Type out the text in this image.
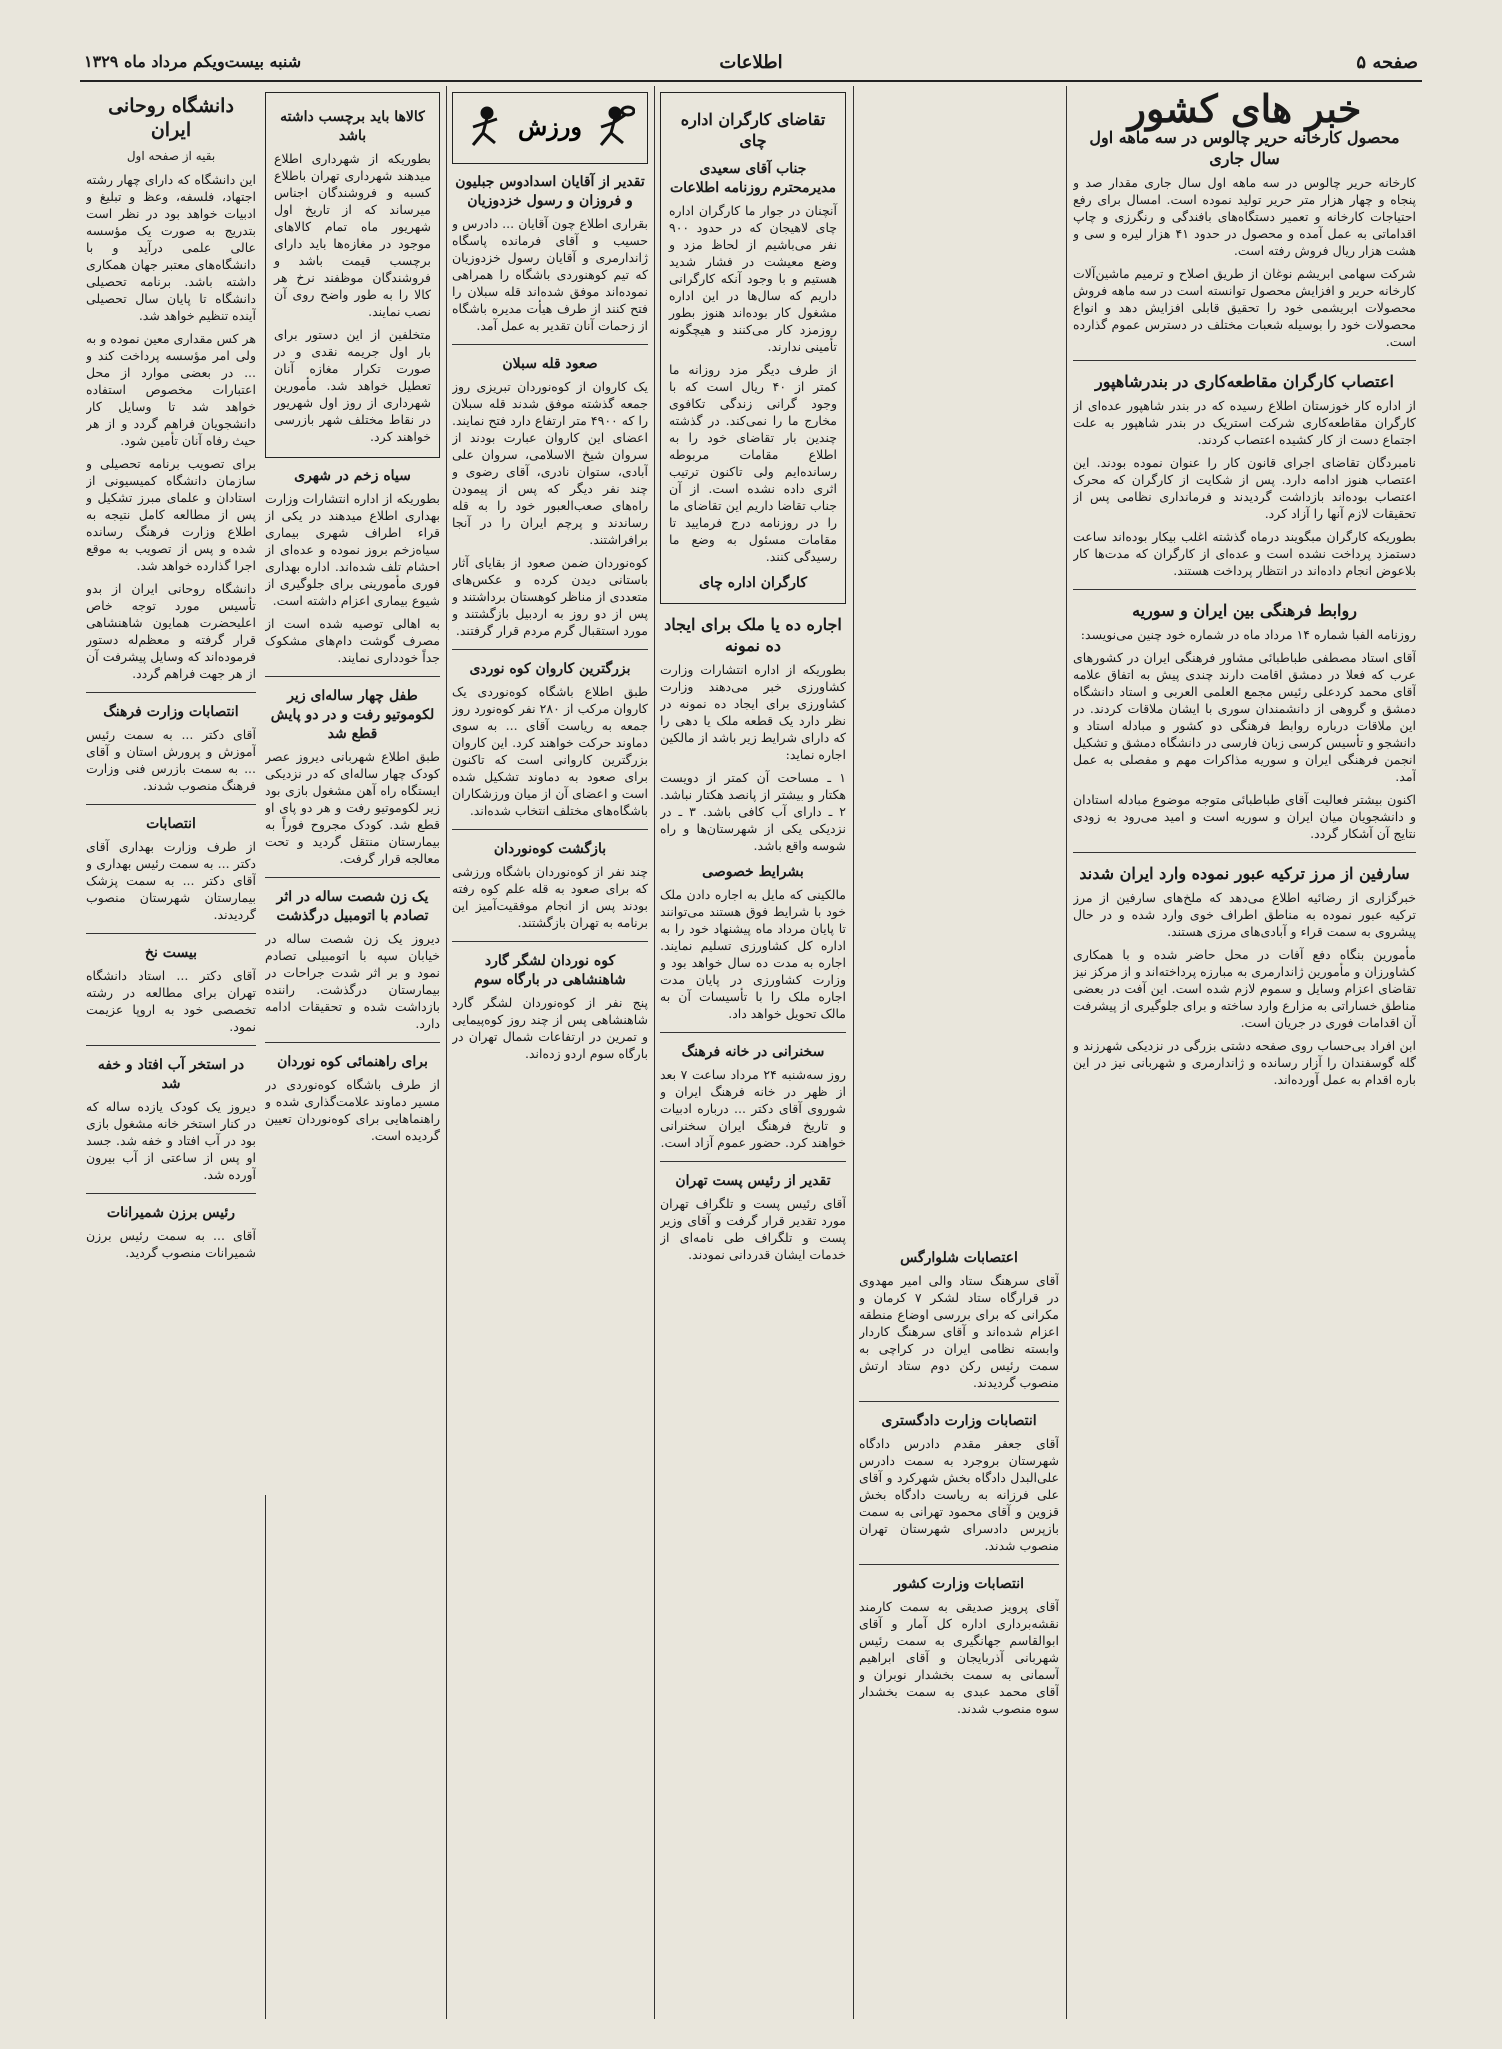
صفحه ۵
اطلاعات
شنبه بیست‌و‌یکم مرداد ماه ۱۳۲۹
خبر های کشور
محصول کارخانه حریر چالوس در سه ماهه اول سال جاری

کارخانه حریر چالوس در سه ماهه اول سال جاری مقدار صد و پنجاه و چهار هزار متر حریر تولید نموده است. امسال برای رفع احتیاجات کارخانه و تعمیر دستگاه‌های بافندگی و رنگرزی و چاپ اقداماتی به عمل آمده و محصول در حدود ۴۱ هزار لیره و سی و هشت هزار ریال فروش رفته است.

شرکت سهامی ابریشم نوغان از طریق اصلاح و ترمیم ماشین‌آلات کارخانه حریر و افزایش محصول توانسته است در سه ماهه فروش محصولات ابریشمی خود را تحقیق قابلی افزایش دهد و انواع محصولات خود را بوسیله شعبات مختلف در دسترس عموم گذارده است.

اعتصاب کارگران مقاطعه‌کاری در بندرشاهپور

از اداره کار خوزستان اطلاع رسیده که در بندر شاهپور عده‌ای از کارگران مقاطعه‌کاری شرکت استریک در بندر شاهپور به علت اجتماع دست از کار کشیده اعتصاب کردند.

نامبردگان تقاضای اجرای قانون کار را عنوان نموده بودند. این اعتصاب هنوز ادامه دارد. پس از شکایت از کارگران که محرک اعتصاب بوده‌اند بازداشت گردیدند و فرمانداری نظامی پس از تحقیقات لازم آنها را آزاد کرد.

بطوریکه کارگران مبگویند درماه گذشته اغلب بیکار بوده‌اند ساعت دستمزد پرداخت نشده است و عده‌ای از کارگران که مدت‌ها کار بلاعوض انجام داده‌اند در انتظار پرداخت هستند.

روابط فرهنگی بین ایران و سوریه

روزنامه الفبا شماره ۱۴ مرداد ماه در شماره خود چنین می‌نویسد:

آقای استاد مصطفی طباطبائی مشاور فرهنگی ایران در کشورهای عرب که فعلا در دمشق اقامت دارند چندی پیش به اتفاق علامه آقای محمد کردعلی رئیس مجمع العلمی العربی و استاد دانشگاه دمشق و گروهی از دانشمندان سوری با ایشان ملاقات کردند. در این ملاقات درباره روابط فرهنگی دو کشور و مبادله استاد و دانشجو و تأسیس کرسی زبان فارسی در دانشگاه دمشق و تشکیل انجمن فرهنگی ایران و سوریه مذاکرات مهم و مفصلی به عمل آمد.

اکنون بیشتر فعالیت آقای طباطبائی متوجه موضوع مبادله استادان و دانشجویان میان ایران و سوریه است و امید می‌رود به زودی نتایج آن آشکار گردد.

سارفین از مرز ترکیه عبور نموده وارد ایران شدند

خبرگزاری از رضائیه اطلاع می‌دهد که ملخ‌های سارفین از مرز ترکیه عبور نموده به مناطق اطراف خوی وارد شده و در حال پیشروی به سمت قراء و آبادی‌های مرزی هستند.

مأمورین بنگاه دفع آفات در محل حاضر شده و با همکاری کشاورزان و مأمورین ژاندارمری به مبارزه پرداخته‌اند و از مرکز نیز تقاضای اعزام وسایل و سموم لازم شده است. این آفت در بعضی مناطق خساراتی به مزارع وارد ساخته و برای جلوگیری از پیشرفت آن اقدامات فوری در جریان است.

ابن افراد بی‌حساب روی صفحه دشتی بزرگی در نزدیکی شهرزند و گله گوسفندان را آزار رسانده و ژاندارمری و شهربانی نیز در این باره اقدام به عمل آورده‌اند.

اعتصابات شلوارگس

آقای سرهنگ ستاد والی امیر مهدوی در قرارگاه ستاد لشکر ۷ کرمان و مکرانی که برای بررسی اوضاع منطقه اعزام شده‌اند و آقای سرهنگ کاردار وابسته نظامی ایران در کراچی به سمت رئیس رکن دوم ستاد ارتش منصوب گردیدند.

انتصابات وزارت دادگستری

آقای جعفر مقدم دادرس دادگاه شهرستان بروجرد به سمت دادرس علی‌البدل دادگاه بخش شهرکرد و آقای علی فرزانه به ریاست دادگاه بخش قزوین و آقای محمود تهرانی به سمت بازپرس دادسرای شهرستان تهران منصوب شدند.

انتصابات وزارت کشور

آقای پرویز صدیقی به سمت کارمند نقشه‌برداری اداره کل آمار و آقای ابوالقاسم جهانگیری به سمت رئیس شهربانی آذربایجان و آقای ابراهیم آسمانی به سمت بخشدار نوبران و آقای محمد عبدی به سمت بخشدار سوه منصوب شدند.

تقاضای کارگران اداره چای
جناب آقای سعیدی مدیرمحترم روزنامه اطلاعات

آنچنان در جوار ما کارگران اداره چای لاهیجان که در حدود ۹۰۰ نفر می‌باشیم از لحاظ مزد و وضع معیشت در فشار شدید هستیم و با وجود آنکه کارگرانی داریم که سال‌ها در این اداره مشغول کار بوده‌اند هنوز بطور روزمزد کار می‌کنند و هیچگونه تأمینی ندارند.

از طرف دیگر مزد روزانه ما کمتر از ۴۰ ریال است که با وجود گرانی زندگی تکافوی مخارج ما را نمی‌کند. در گذشته چندین بار تقاضای خود را به اطلاع مقامات مربوطه رسانده‌ایم ولی تاکنون ترتیب اثری داده نشده است. از آن جناب تقاضا داریم این تقاضای ما را در روزنامه درج فرمایید تا مقامات مسئول به وضع ما رسیدگی کنند.

کارگران اداره چای
اجاره ده یا ملک برای ایجاد ده نمونه

بطوریکه از اداره انتشارات وزارت کشاورزی خبر می‌دهند وزارت کشاورزی برای ایجاد ده نمونه در نظر دارد یک قطعه ملک یا دهی را که دارای شرایط زیر باشد از مالکین اجاره نماید:

۱ ـ مساحت آن کمتر از دویست هکتار و بیشتر از پانصد هکتار نباشد. ۲ ـ دارای آب کافی باشد. ۳ ـ در نزدیکی یکی از شهرستان‌ها و راه شوسه واقع باشد.

بشرایط خصوصی

مالکینی که مایل به اجاره دادن ملک خود با شرایط فوق هستند می‌توانند تا پایان مرداد ماه پیشنهاد خود را به اداره کل کشاورزی تسلیم نمایند. اجاره به مدت ده سال خواهد بود و وزارت کشاورزی در پایان مدت اجاره ملک را با تأسیسات آن به مالک تحویل خواهد داد.

سخنرانی در خانه فرهنگ

روز سه‌شنبه ۲۴ مرداد ساعت ۷ بعد از ظهر در خانه فرهنگ ایران و شوروی آقای دکتر ... درباره ادبیات و تاریخ فرهنگ ایران سخنرانی خواهند کرد. حضور عموم آزاد است.

تقدیر از رئیس پست تهران

آقای رئیس پست و تلگراف تهران مورد تقدیر قرار گرفت و آقای وزیر پست و تلگراف طی نامه‌ای از خدمات ایشان قدردانی نمودند.

ورزش
تقدیر از آقایان اسدادوس جبلیون و فروزان و رسول خزدوزیان

بقراری اطلاع چون آقایان ... دادرس و حسیب و آقای فرمانده پاسگاه ژاندارمری و آقایان رسول خزدوزیان که تیم کوهنوردی باشگاه را همراهی نموده‌اند موفق شده‌اند قله سبلان را فتح کنند از طرف هیأت مدیره باشگاه از زحمات آنان تقدیر به عمل آمد.

صعود قله سبلان

یک کاروان از کوه‌نوردان تبریزی روز جمعه گذشته موفق شدند قله سبلان را که ۴۹۰۰ متر ارتفاع دارد فتح نمایند. اعضای این کاروان عبارت بودند از سروان شیخ الاسلامی، سروان علی آبادی، ستوان نادری، آقای رضوی و چند نفر دیگر که پس از پیمودن راه‌های صعب‌العبور خود را به قله رساندند و پرچم ایران را در آنجا برافراشتند.

کوه‌نوردان ضمن صعود از بقایای آثار باستانی دیدن کرده و عکس‌های متعددی از مناظر کوهستان برداشتند و پس از دو روز به اردبیل بازگشتند و مورد استقبال گرم مردم قرار گرفتند.

بزرگترین کاروان کوه نوردی

طبق اطلاع باشگاه کوه‌نوردی یک کاروان مرکب از ۲۸۰ نفر کوه‌نورد روز جمعه به ریاست آقای ... به سوی دماوند حرکت خواهند کرد. این کاروان بزرگترین کاروانی است که تاکنون برای صعود به دماوند تشکیل شده است و اعضای آن از میان ورزشکاران باشگاه‌های مختلف انتخاب شده‌اند.

بازگشت کوه‌نوردان

چند نفر از کوه‌نوردان باشگاه ورزشی که برای صعود به قله علم کوه رفته بودند پس از انجام موفقیت‌آمیز این برنامه به تهران بازگشتند.

کوه نوردان لشگر گارد شاهنشاهی در بارگاه سوم

پنج نفر از کوه‌نوردان لشگر گارد شاهنشاهی پس از چند روز کوه‌پیمایی و تمرین در ارتفاعات شمال تهران در بارگاه سوم اردو زده‌اند.

کالاها باید برچسب داشته باشد

بطوریکه از شهرداری اطلاع میدهند شهرداری تهران باطلاع کسبه و فروشندگان اجناس میرساند که از تاریخ اول شهریور ماه تمام کالاهای موجود در مغازه‌ها باید دارای برچسب قیمت باشد و فروشندگان موظفند نرخ هر کالا را به طور واضح روی آن نصب نمایند.

متخلفین از این دستور برای بار اول جریمه نقدی و در صورت تکرار مغازه آنان تعطیل خواهد شد. مأمورین شهرداری از روز اول شهریور در نقاط مختلف شهر بازرسی خواهند کرد.

سیاه زخم در شهری

بطوریکه از اداره انتشارات وزارت بهداری اطلاع میدهند در یکی از قراء اطراف شهری بیماری سیاه‌زخم بروز نموده و عده‌ای از احشام تلف شده‌اند. اداره بهداری فوری مأمورینی برای جلوگیری از شیوع بیماری اعزام داشته است.

به اهالی توصیه شده است از مصرف گوشت دام‌های مشکوک جداً خودداری نمایند.

طفل چهار ساله‌ای زیر لکوموتیو رفت و در دو پایش قطع شد

طبق اطلاع شهربانی دیروز عصر کودک چهار ساله‌ای که در نزدیکی ایستگاه راه آهن مشغول بازی بود زیر لکوموتیو رفت و هر دو پای او قطع شد. کودک مجروح فوراً به بیمارستان منتقل گردید و تحت معالجه قرار گرفت.

یک زن شصت ساله در اثر تصادم با اتومبیل درگذشت

دیروز یک زن شصت ساله در خیابان سپه با اتومبیلی تصادم نمود و بر اثر شدت جراحات در بیمارستان درگذشت. راننده بازداشت شده و تحقیقات ادامه دارد.

برای راهنمائی کوه نوردان

از طرف باشگاه کوه‌نوردی در مسیر دماوند علامت‌گذاری شده و راهنماهایی برای کوه‌نوردان تعیین گردیده است.

دانشگاه روحانی ایران
بقیه از صفحه اول

این دانشگاه که دارای چهار رشته اجتهاد، فلسفه، وعظ و تبلیغ و ادبیات خواهد بود در نظر است بتدریج به صورت یک مؤسسه عالی علمی درآید و با دانشگاه‌های معتبر جهان همکاری داشته باشد. برنامه تحصیلی دانشگاه تا پایان سال تحصیلی آینده تنظیم خواهد شد.

هر کس مقداری معین نموده و به ولی امر مؤسسه پرداخت کند و ... در بعضی موارد از محل اعتبارات مخصوص استفاده خواهد شد تا وسایل کار دانشجویان فراهم گردد و از هر حیث رفاه آنان تأمین شود.

برای تصویب برنامه تحصیلی و سازمان دانشگاه کمیسیونی از استادان و علمای مبرز تشکیل و پس از مطالعه کامل نتیجه به اطلاع وزارت فرهنگ رسانده شده و پس از تصویب به موقع اجرا گذارده خواهد شد.

دانشگاه روحانی ایران از بدو تأسیس مورد توجه خاص اعلیحضرت همایون شاهنشاهی قرار گرفته و معظم‌له دستور فرموده‌اند که وسایل پیشرفت آن از هر جهت فراهم گردد.

انتصابات وزارت فرهنگ

آقای دکتر ... به سمت رئیس آموزش و پرورش استان و آقای ... به سمت بازرس فنی وزارت فرهنگ منصوب شدند.

انتصابات

از طرف وزارت بهداری آقای دکتر ... به سمت رئیس بهداری و آقای دکتر ... به سمت پزشک بیمارستان شهرستان منصوب گردیدند.

بیست نخ

آقای دکتر ... استاد دانشگاه تهران برای مطالعه در رشته تخصصی خود به اروپا عزیمت نمود.

در استخر آب افتاد و خفه شد

دیروز یک کودک یازده ساله که در کنار استخر خانه مشغول بازی بود در آب افتاد و خفه شد. جسد او پس از ساعتی از آب بیرون آورده شد.

رئیس برزن شمیرانات

آقای ... به سمت رئیس برزن شمیرانات منصوب گردید.
